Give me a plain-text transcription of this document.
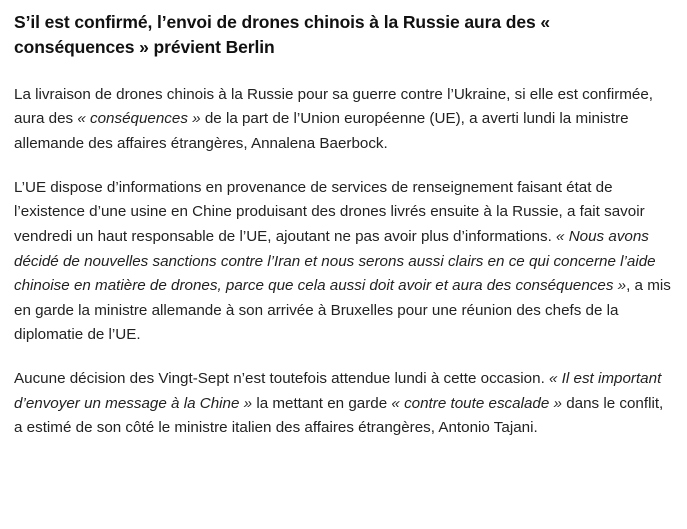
S’il est confirmé, l’envoi de drones chinois à la Russie aura des « conséquences » prévient Berlin

La livraison de drones chinois à la Russie pour sa guerre contre l’Ukraine, si elle est confirmée, aura des « conséquences » de la part de l’Union européenne (UE), a averti lundi la ministre allemande des affaires étrangères, Annalena Baerbock.

L’UE dispose d’informations en provenance de services de renseignement faisant état de l’existence d’une usine en Chine produisant des drones livrés ensuite à la Russie, a fait savoir vendredi un haut responsable de l’UE, ajoutant ne pas avoir plus d’informations. « Nous avons décidé de nouvelles sanctions contre l’Iran et nous serons aussi clairs en ce qui concerne l’aide chinoise en matière de drones, parce que cela aussi doit avoir et aura des conséquences », a mis en garde la ministre allemande à son arrivée à Bruxelles pour une réunion des chefs de la diplomatie de l’UE.

Aucune décision des Vingt-Sept n’est toutefois attendue lundi à cette occasion. « Il est important d’envoyer un message à la Chine » la mettant en garde « contre toute escalade » dans le conflit, a estimé de son côté le ministre italien des affaires étrangères, Antonio Tajani.
